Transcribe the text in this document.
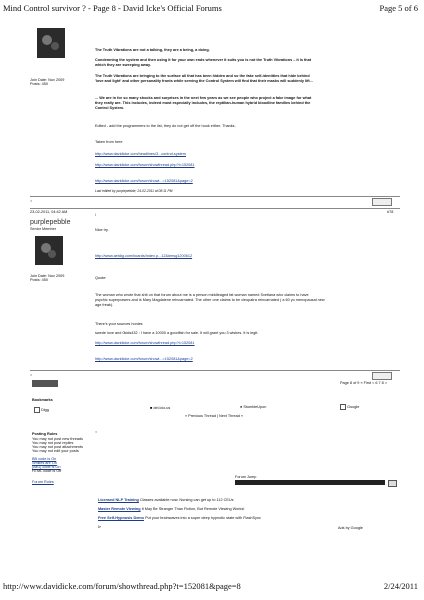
Mind Control survivor ? - Page 8 - David Icke's Official Forums	Page 5 of 6
Join Date: Nov 2009
Posts: 450
The Truth Vibrations are not a talking, they are a being, a doing.
Condemning the system and then using it for your own ends whenever it suits you is not the Truth Vibrations – it is that
which they are sweeping away.
The Truth Vibrations are bringing to the surface all that has been hidden and so the fake self-identities that hide behind
'love and light' and other personality fronts while serving the Control System will find that their masks will suddenly lift...
... We are in for so many shocks and surprises in the next few years as we see people who project a fake image for what
they really are. This includes, indeed most especially includes, the reptilian-human hybrid bloodline families behind the
Control System.
Edited - add the programmers to the list, they do not get off the hook either. Thanks.
Taken from here
http://www.davidicke.com/headlines/3...control-system
http://www.davidicke.com/forum/showthread.php?t=152081
http://www.davidicke.com/forum/showt...=152081&page=2
Last edited by purplepebble; 24-02-2011 at 08:11 PM.
○
23-02-2011, 04:42 AM	#78
purplepebble
Senior Member
Join Date: Nov 2009
Posts: 450
\
Nice try.
http://www.aetdig.com/boards/index.p...12&#msg1200612
Quote:
The woman who wrote that shit on that forum about me is a person middleaged fat woman named Svetlana who claims to have
psychic superpowers and is Mary Magdalene reincarnated. The other one claims to be cleopatra reincarnated ( a 60 yo menopausal new
age freak).
There's your sources honies
swede love and 0kids432 : I have a 10000 a goodfish for sale. It will grant you 3 wishes. It is legit.
http://www.davidicke.com/forum/showthread.php?t=152081
http://www.davidicke.com/forum/showt...=152081&page=2
○
Page 8 of 9 « First < 6 7 8 >
Bookmarks
Digg	■ del.icio.us	● StumbleUpon	Google
« Previous Thread | Next Thread »
Posting Rules	○
You may not post new threads
You may not post replies
You may not post attachments
You may not edit your posts
BB code is On
Smilies are On
[IMG] code is On
HTML code is Off
Forum Rules
Forum Jump
Licensed NLP Training Classes available now. Nursing can get up to 112 CEUs
Master Remote Viewing It May Be Stranger Than Fiction, But Remote Viewing Works!
Free Self-Hypnosis Demo Put your brainwaves into a super deep hypnotic state with FlashSync
⊳	Ads by Google
http://www.davidicke.com/forum/showthread.php?t=152081&page=8	2/24/2011
